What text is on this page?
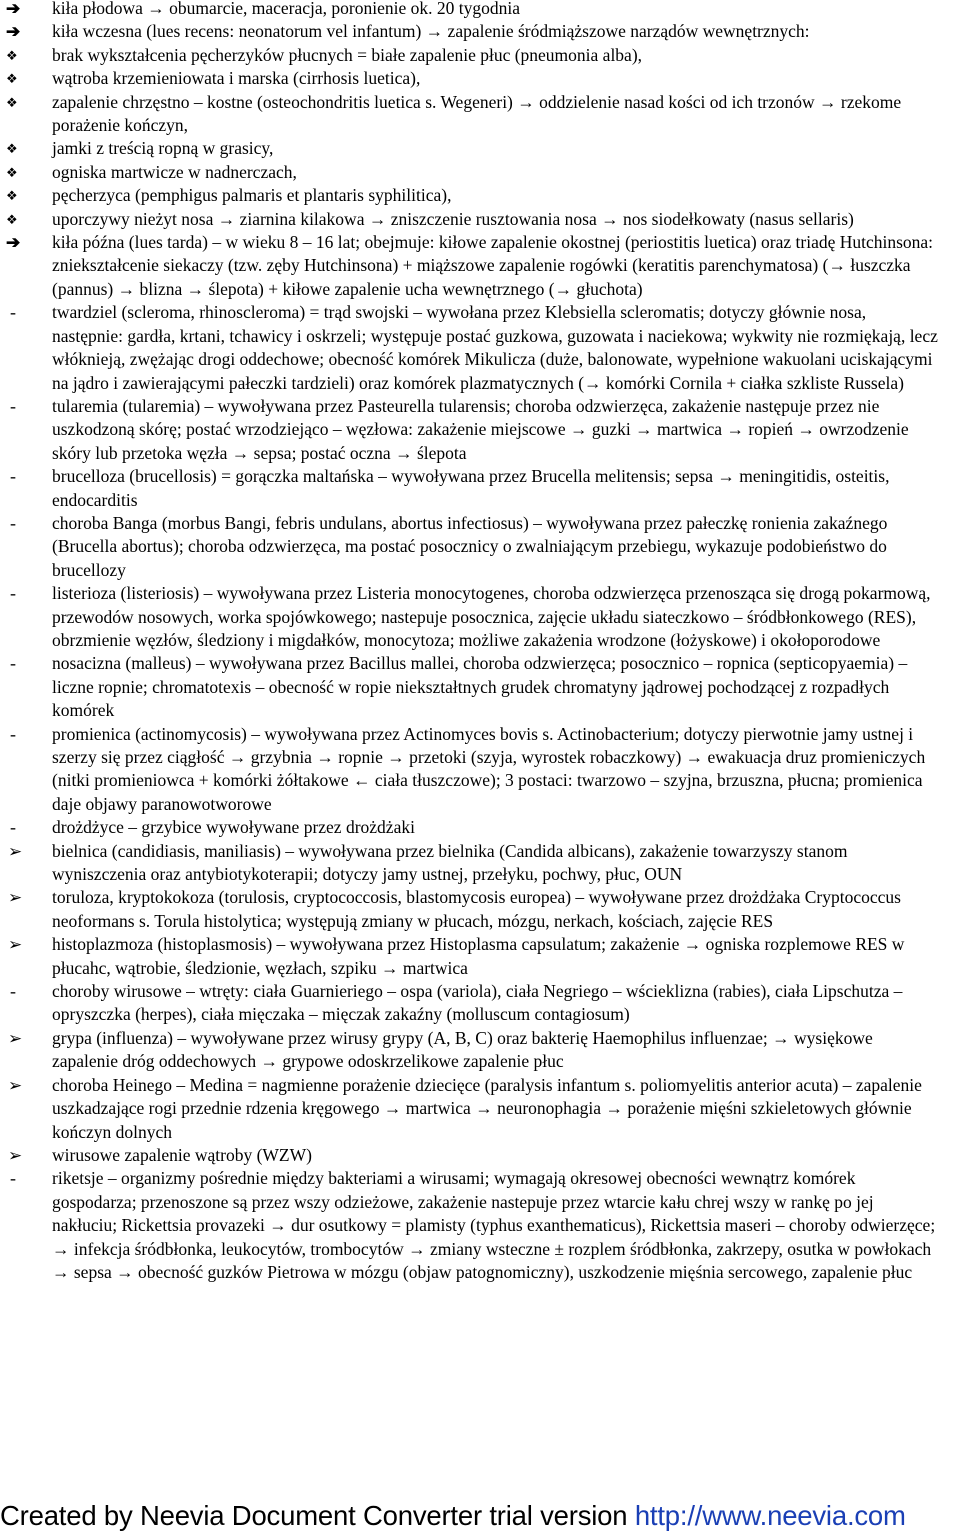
➔	kiła płodowa → obumarcie, maceracja, poronienie ok. 20 tygodnia
➔	kiła wczesna (lues recens: neonatorum vel infantum) → zapalenie śródmiąższowe narządów wewnętrznych:
❖	brak wykształcenia pęcherzyków płucnych = białe zapalenie płuc (pneumonia alba),
❖	wątroba krzemieniowata i marska (cirrhosis luetica),
❖	zapalenie chrzęstno – kostne (osteochondritis luetica s. Wegeneri) → oddzielenie nasad kości od ich trzonów → rzekome porażenie kończyn,
❖	jamki z treścią ropną w grasicy,
❖	ogniska martwicze w nadnerczach,
❖	pęcherzyca (pemphigus palmaris et plantaris syphilitica),
❖	uporczywy nieżyt nosa → ziarnina kilakowa → zniszczenie rusztowania nosa → nos siodełkowaty (nasus sellaris)
➔	kiła późna (lues tarda) – w wieku 8 – 16 lat; obejmuje: kiłowe zapalenie okostnej (periostitis luetica) oraz triadę Hutchinsona: zniekształcenie siekaczy (tzw. zęby Hutchinsona) + miąższowe zapalenie rogówki (keratitis parenchymatosa) (→ łuszczka (pannus) → blizna → ślepota) + kiłowe zapalenie ucha wewnętrznego (→ głuchota)
-	twardziel (scleroma, rhinoscleroma) = trąd swojski – wywołana przez Klebsiella scleromatis; dotyczy głównie nosa, następnie: gardła, krtani, tchawicy i oskrzeli; występuje postać guzkowa, guzowata i naciekowa; wykwity nie rozmiękają, lecz włóknieją, zwężając drogi oddechowe; obecność komórek Mikulicza (duże, balonowate, wypełnione wakuolani uciskającymi na jądro i zawierającymi pałeczki tardzieli) oraz komórek plazmatycznych (→ komórki Cornila + ciałka szkliste Russela)
-	tularemia (tularemia) – wywoływana przez Pasteurella tularensis; choroba odzwierzęca, zakażenie następuje przez nie uszkodzoną skórę; postać wrzodziejąco – węzłowa: zakażenie miejscowe → guzki → martwica → ropień → owrzodzenie skóry lub przetoka węzła → sepsa; postać oczna → ślepota
-	brucelloza (brucellosis) = gorączka maltańska – wywoływana przez Brucella melitensis; sepsa → meningitidis, osteitis, endocarditis
-	choroba Banga (morbus Bangi, febris undulans, abortus infectiosus) – wywoływana przez pałeczkę ronienia zakaźnego (Brucella abortus); choroba odzwierzęca, ma postać posocznicy o zwalniającym przebiegu, wykazuje podobieństwo do brucellozy
-	listerioza (listeriosis) – wywoływana przez Listeria monocytogenes, choroba odzwierzęca przenosząca się drogą pokarmową, przewodów nosowych, worka spojówkowego; nastepuje posocznica, zajęcie układu siateczkowo – śródbłonkowego (RES), obrzmienie węzłów, śledziony i migdałków, monocytoza; możliwe zakażenia wrodzone (łożyskowe) i okołoporodowe
-	nosacizna (malleus) – wywoływana przez Bacillus mallei, choroba odzwierzęca; posocznico – ropnica (septicopyaemia) – liczne ropnie; chromatotexis – obecność w ropie niekształtnych grudek chromatyny jądrowej pochodzącej z rozpadłych komórek
-	promienica (actinomycosis) – wywoływana przez Actinomyces bovis s. Actinobacterium; dotyczy pierwotnie jamy ustnej i szerzy się przez ciągłość → grzybnia → ropnie → przetoki (szyja, wyrostek robaczkowy) → ewakuacja druz promieniczych (nitki promieniowca + komórki żółtakowe ← ciała tłuszczowe); 3 postaci: twarzowo – szyjna, brzuszna, płucna; promienica daje objawy paranowotworowe
-	drożdżyce – grzybice wywoływane przez drożdżaki
➢	bielnica (candidiasis, maniliasis) – wywoływana przez bielnika (Candida albicans), zakażenie towarzyszy stanom wyniszczenia oraz antybiotykoterapii; dotyczy jamy ustnej, przełyku, pochwy, płuc, OUN
➢	toruloza, kryptokokoza (torulosis, cryptococcosis, blastomycosis europea) – wywoływane przez drożdżaka Cryptococcus neoformans s. Torula histolytica; występują zmiany w płucach, mózgu, nerkach, kościach, zajęcie RES
➢	histoplazmoza (histoplasmosis) – wywoływana przez Histoplasma capsulatum; zakażenie → ogniska rozplemowe RES w płucahc, wątrobie, śledzionie, węzłach, szpiku → martwica
-	choroby wirusowe – wtręty: ciała Guarnieriego – ospa (variola), ciała Negriego – wścieklizna (rabies), ciała Lipschutza – opryszczka (herpes), ciała mięczaka – mięczak zakaźny (molluscum contagiosum)
➢	grypa (influenza) – wywoływane przez wirusy grypy (A, B, C) oraz bakterię Haemophilus influenzae; → wysiękowe zapalenie dróg oddechowych → grypowe odoskrzelikowe zapalenie płuc
➢	choroba Heinego – Medina = nagmienne porażenie dziecięce (paralysis infantum s. poliomyelitis anterior acuta) – zapalenie uszkadzające rogi przednie rdzenia kręgowego → martwica → neuronophagia → porażenie mięśni szkieletowych głównie kończyn dolnych
➢	wirusowe zapalenie wątroby (WZW)
-	riketsje – organizmy pośrednie między bakteriami a wirusami; wymagają okresowej obecności wewnątrz komórek gospodarza; przenoszone są przez wszy odzieżowe, zakażenie nastepuje przez wtarcie kału chrej wszy w rankę po jej nakłuciu; Rickettsia provazeki → dur osutkowy = plamisty (typhus exanthematicus), Rickettsia maseri – choroby odwierzęce; → infekcja śródbłonka, leukocytów, trombocytów → zmiany wsteczne ± rozplem śródbłonka, zakrzepy, osutka w powłokach → sepsa → obecność guzków Pietrowa w mózgu (objaw patognomiczny), uszkodzenie mięśnia sercowego, zapalenie płuc
Created by Neevia Document Converter trial version http://www.neevia.com
